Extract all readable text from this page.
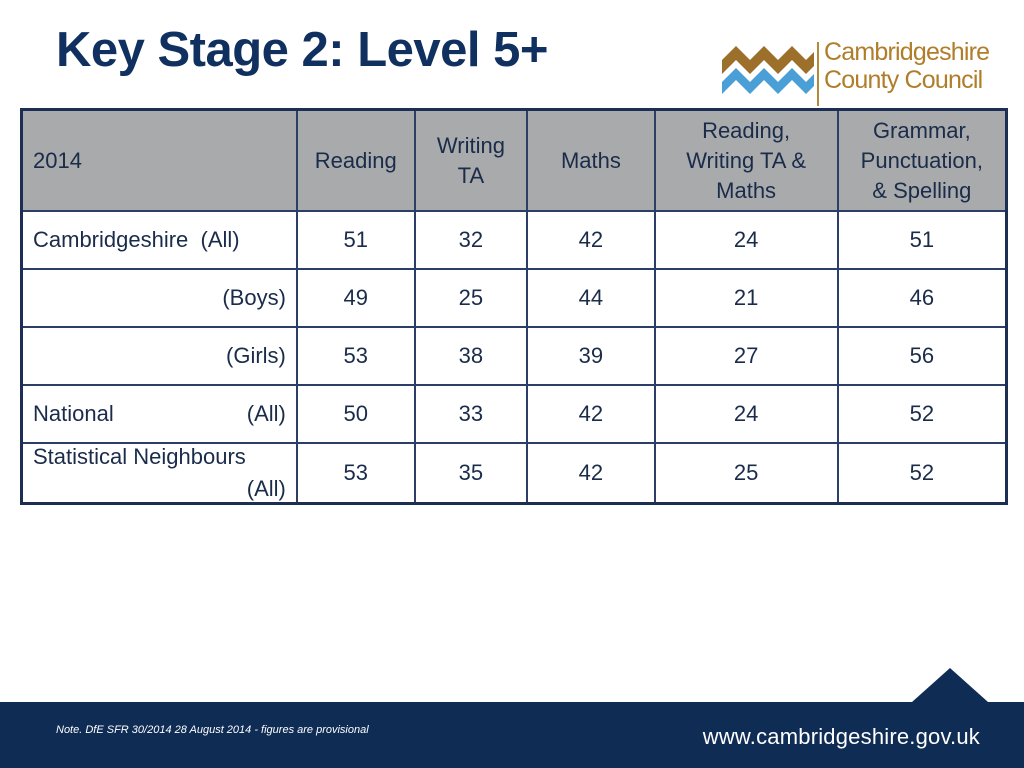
Key Stage 2: Level 5+	Cambridgeshire
County Council
2014	Reading	Writing TA	Maths	Reading, Writing TA & Maths	Grammar, Punctuation, & Spelling
Cambridgeshire (All)	51	32	42	24	51

(Boys)	49	25	44	21	46

(Girls)	53	38	39	27	56

National (All)	50	33	42	24	52

Statistical Neighbours
(All)	53	35	42	25	52
Note. DfE SFR 30/2014 28 August 2014 - figures are provisional	www.cambridgeshire.gov.uk
